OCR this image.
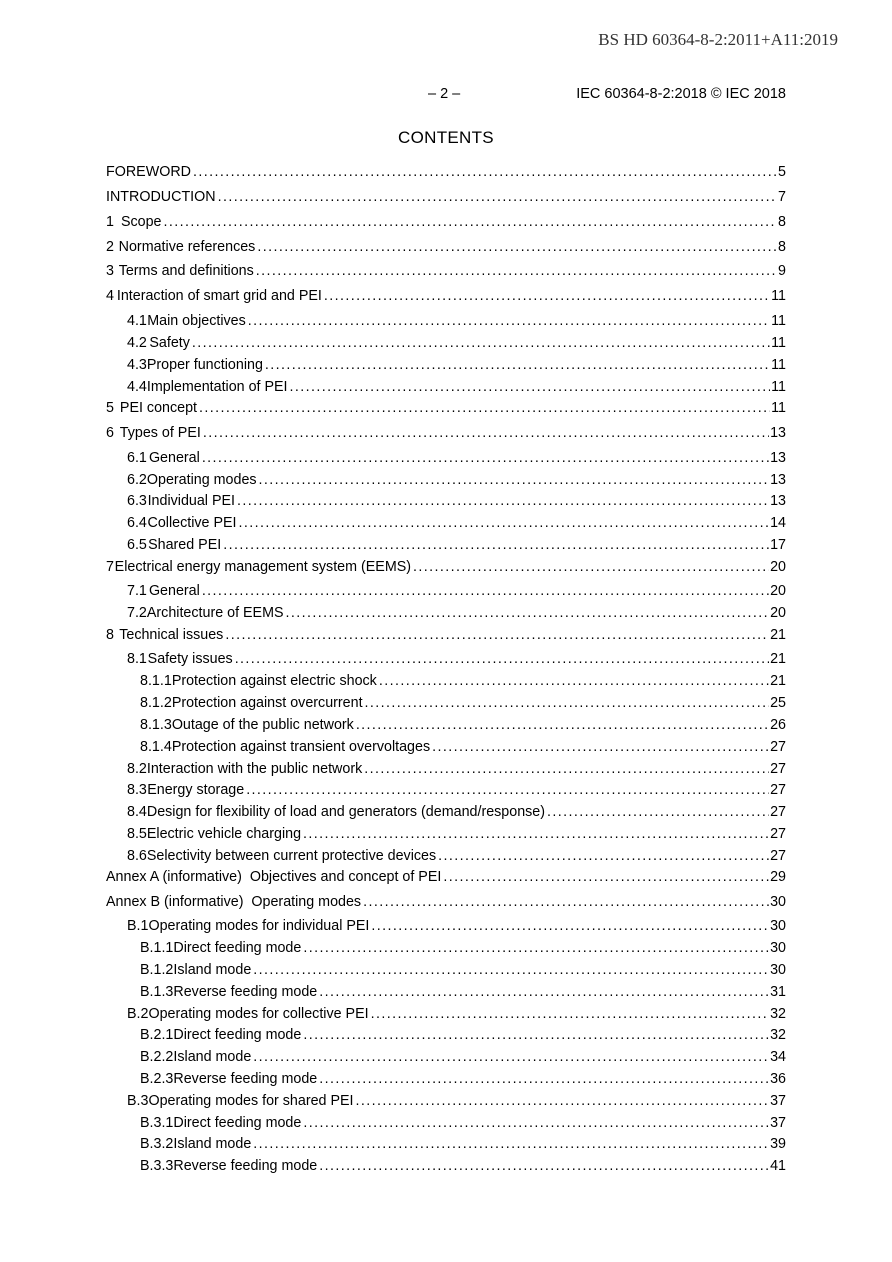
BS HD 60364-8-2:2011+A11:2019
– 2 –	IEC 60364-8-2:2018 © IEC 2018
CONTENTS
FOREWORD .....	5
INTRODUCTION .....	7
1 Scope .....	8
2 Normative references .....	8
3 Terms and definitions .....	9
4 Interaction of smart grid and PEI .....	11
4.1 Main objectives .....	11
4.2 Safety .....	11
4.3 Proper functioning .....	11
4.4 Implementation of PEI .....	11
5 PEI concept .....	11
6 Types of PEI .....	13
6.1 General .....	13
6.2 Operating modes .....	13
6.3 Individual PEI .....	13
6.4 Collective PEI .....	14
6.5 Shared PEI .....	17
7 Electrical energy management system (EEMS) .....	20
7.1 General .....	20
7.2 Architecture of EEMS .....	20
8 Technical issues .....	21
8.1 Safety issues .....	21
8.1.1 Protection against electric shock .....	21
8.1.2 Protection against overcurrent .....	25
8.1.3 Outage of the public network .....	26
8.1.4 Protection against transient overvoltages .....	27
8.2 Interaction with the public network .....	27
8.3 Energy storage .....	27
8.4 Design for flexibility of load and generators (demand/response) .....	27
8.5 Electric vehicle charging .....	27
8.6 Selectivity between current protective devices .....	27
Annex A (informative)  Objectives and concept of PEI .....	29
Annex B (informative)  Operating modes .....	30
B.1 Operating modes for individual PEI .....	30
B.1.1 Direct feeding mode .....	30
B.1.2 Island mode .....	30
B.1.3 Reverse feeding mode .....	31
B.2 Operating modes for collective PEI .....	32
B.2.1 Direct feeding mode .....	32
B.2.2 Island mode .....	34
B.2.3 Reverse feeding mode .....	36
B.3 Operating modes for shared PEI .....	37
B.3.1 Direct feeding mode .....	37
B.3.2 Island mode .....	39
B.3.3 Reverse feeding mode .....	41
